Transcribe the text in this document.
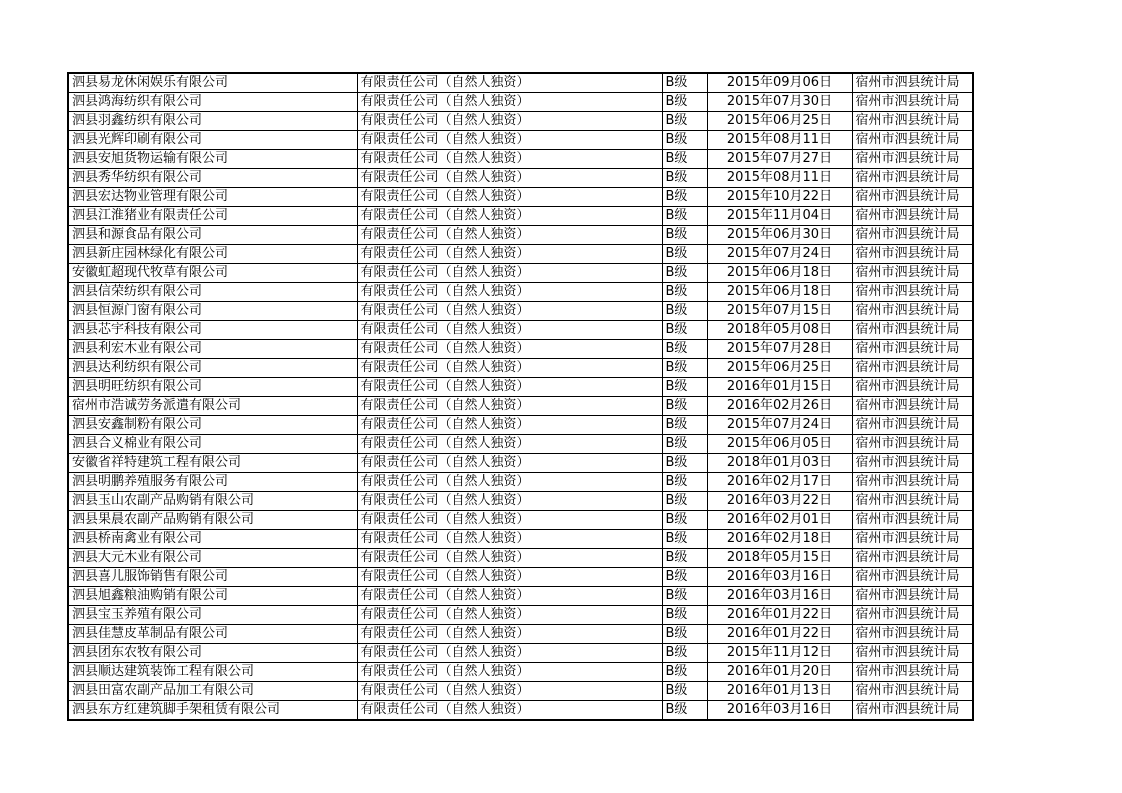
泗县易龙休闲娱乐有限公司	有限责任公司（自然人独资）	B级	2015年09月06日	宿州市泗县统计局
泗县鸿海纺织有限公司	有限责任公司（自然人独资）	B级	2015年07月30日	宿州市泗县统计局
泗县羽鑫纺织有限公司	有限责任公司（自然人独资）	B级	2015年06月25日	宿州市泗县统计局
泗县光辉印刷有限公司	有限责任公司（自然人独资）	B级	2015年08月11日	宿州市泗县统计局
泗县安旭货物运输有限公司	有限责任公司（自然人独资）	B级	2015年07月27日	宿州市泗县统计局
泗县秀华纺织有限公司	有限责任公司（自然人独资）	B级	2015年08月11日	宿州市泗县统计局
泗县宏达物业管理有限公司	有限责任公司（自然人独资）	B级	2015年10月22日	宿州市泗县统计局
泗县江淮猪业有限责任公司	有限责任公司（自然人独资）	B级	2015年11月04日	宿州市泗县统计局
泗县和源食品有限公司	有限责任公司（自然人独资）	B级	2015年06月30日	宿州市泗县统计局
泗县新庄园林绿化有限公司	有限责任公司（自然人独资）	B级	2015年07月24日	宿州市泗县统计局
安徽虹超现代牧草有限公司	有限责任公司（自然人独资）	B级	2015年06月18日	宿州市泗县统计局
泗县信荣纺织有限公司	有限责任公司（自然人独资）	B级	2015年06月18日	宿州市泗县统计局
泗县恒源门窗有限公司	有限责任公司（自然人独资）	B级	2015年07月15日	宿州市泗县统计局
泗县芯宇科技有限公司	有限责任公司（自然人独资）	B级	2018年05月08日	宿州市泗县统计局
泗县利宏木业有限公司	有限责任公司（自然人独资）	B级	2015年07月28日	宿州市泗县统计局
泗县达利纺织有限公司	有限责任公司（自然人独资）	B级	2015年06月25日	宿州市泗县统计局
泗县明旺纺织有限公司	有限责任公司（自然人独资）	B级	2016年01月15日	宿州市泗县统计局
宿州市浩诚劳务派遣有限公司	有限责任公司（自然人独资）	B级	2016年02月26日	宿州市泗县统计局
泗县安鑫制粉有限公司	有限责任公司（自然人独资）	B级	2015年07月24日	宿州市泗县统计局
泗县合义棉业有限公司	有限责任公司（自然人独资）	B级	2015年06月05日	宿州市泗县统计局
安徽省祥特建筑工程有限公司	有限责任公司（自然人独资）	B级	2018年01月03日	宿州市泗县统计局
泗县明鹏养殖服务有限公司	有限责任公司（自然人独资）	B级	2016年02月17日	宿州市泗县统计局
泗县玉山农副产品购销有限公司	有限责任公司（自然人独资）	B级	2016年03月22日	宿州市泗县统计局
泗县果晨农副产品购销有限公司	有限责任公司（自然人独资）	B级	2016年02月01日	宿州市泗县统计局
泗县桥南禽业有限公司	有限责任公司（自然人独资）	B级	2016年02月18日	宿州市泗县统计局
泗县大元木业有限公司	有限责任公司（自然人独资）	B级	2018年05月15日	宿州市泗县统计局
泗县喜儿服饰销售有限公司	有限责任公司（自然人独资）	B级	2016年03月16日	宿州市泗县统计局
泗县旭鑫粮油购销有限公司	有限责任公司（自然人独资）	B级	2016年03月16日	宿州市泗县统计局
泗县宝玉养殖有限公司	有限责任公司（自然人独资）	B级	2016年01月22日	宿州市泗县统计局
泗县佳慧皮革制品有限公司	有限责任公司（自然人独资）	B级	2016年01月22日	宿州市泗县统计局
泗县团东农牧有限公司	有限责任公司（自然人独资）	B级	2015年11月12日	宿州市泗县统计局
泗县顺达建筑装饰工程有限公司	有限责任公司（自然人独资）	B级	2016年01月20日	宿州市泗县统计局
泗县田富农副产品加工有限公司	有限责任公司（自然人独资）	B级	2016年01月13日	宿州市泗县统计局
泗县东方红建筑脚手架租赁有限公司	有限责任公司（自然人独资）	B级	2016年03月16日	宿州市泗县统计局
